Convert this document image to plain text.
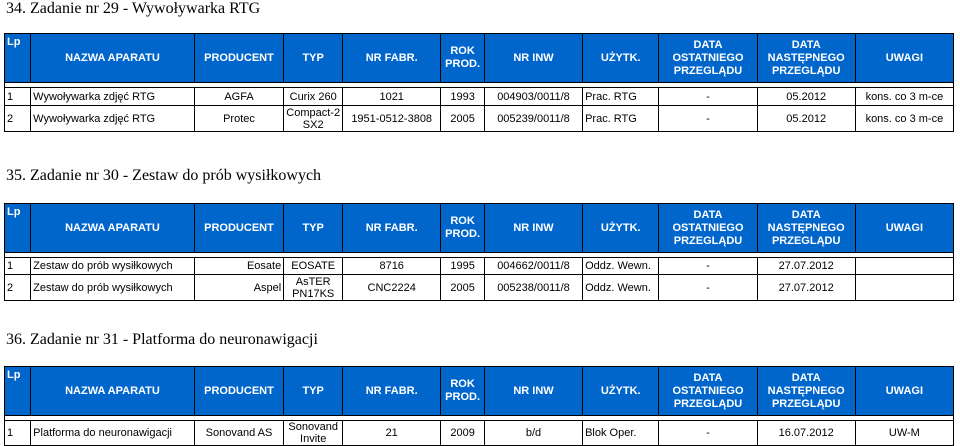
34. Zadanie nr 29 - Wywoływarka RTG
Lp	NAZWA APARATU	PRODUCENT	TYP	NR FABR.	ROK PROD.	NR INW	UŻYTK.	DATA OSTATNIEGO PRZEGLĄDU	DATA NASTĘPNEGO PRZEGLĄDU	UWAGI

1	Wywoływarka zdjęć RTG	AGFA	Curix 260	1021	1993	004903/0011/8	Prac. RTG	-	05.2012	kons. co 3 m-ce
2	Wywoływarka zdjęć RTG	Protec	Compact-2 SX2	1951-0512-3808	2005	005239/0011/8	Prac. RTG	-	05.2012	kons. co 3 m-ce
35. Zadanie nr 30 - Zestaw do prób wysiłkowych
Lp	NAZWA APARATU	PRODUCENT	TYP	NR FABR.	ROK PROD.	NR INW	UŻYTK.	DATA OSTATNIEGO PRZEGLĄDU	DATA NASTĘPNEGO PRZEGLĄDU	UWAGI

1	Zestaw do prób wysiłkowych	Eosate	EOSATE	8716	1995	004662/0011/8	Oddz. Wewn.	-	27.07.2012	
2	Zestaw do prób wysiłkowych	Aspel	AsTER PN17KS	CNC2224	2005	005238/0011/8	Oddz. Wewn.	-	27.07.2012	
36. Zadanie nr 31 - Platforma do neuronawigacji
Lp	NAZWA APARATU	PRODUCENT	TYP	NR FABR.	ROK PROD.	NR INW	UŻYTK.	DATA OSTATNIEGO PRZEGLĄDU	DATA NASTĘPNEGO PRZEGLĄDU	UWAGI

1	Platforma do neuronawigacji	Sonovand AS	Sonovand Invite	21	2009	b/d	Blok Oper.	-	16.07.2012	UW-M
